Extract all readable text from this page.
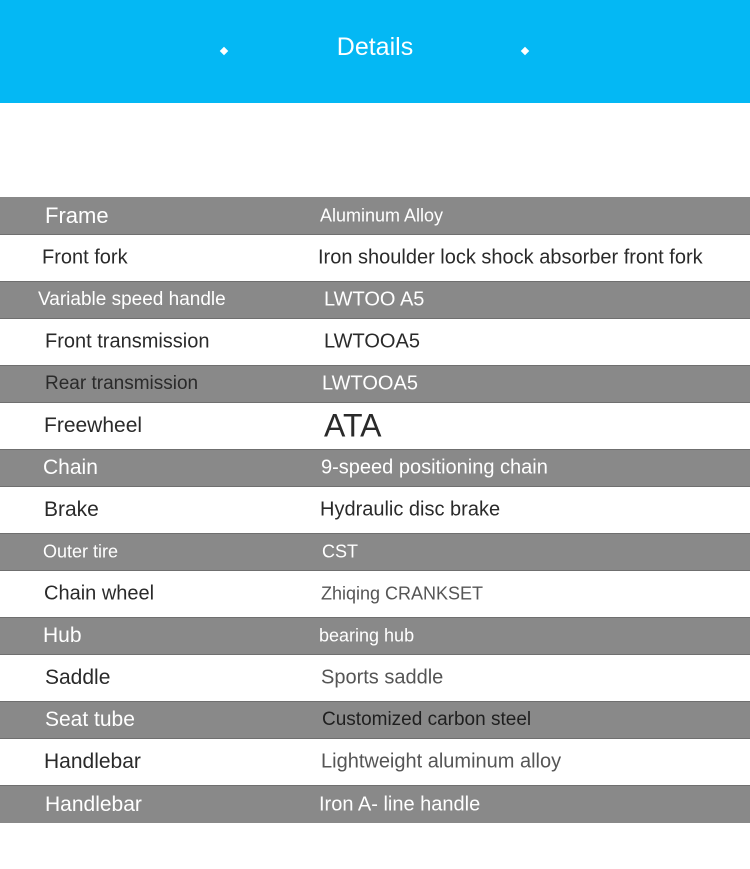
Details
Frame	Aluminum Alloy
Front fork	Iron shoulder lock shock absorber front fork
Variable speed handle	LWTOO A5
Front transmission	LWTOOA5
Rear transmission	LWTOOA5
Freewheel	ATA
Chain	9-speed positioning chain
Brake	Hydraulic disc brake
Outer tire	CST
Chain wheel	Zhiqing CRANKSET
Hub	bearing hub
Saddle	Sports saddle
Seat tube	Customized carbon steel
Handlebar	Lightweight aluminum alloy
Handlebar	Iron A- line handle
